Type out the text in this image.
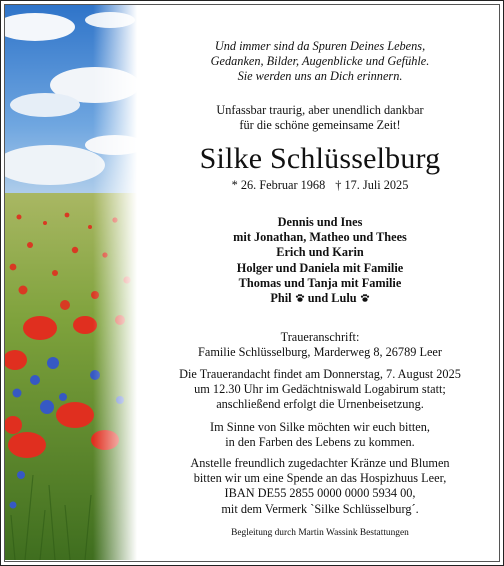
Und immer sind da Spuren Deines Lebens,
Gedanken, Bilder, Augenblicke und Gefühle.
Sie werden uns an Dich erinnern.
Unfassbar traurig, aber unendlich dankbar
für die schöne gemeinsame Zeit!
Silke Schlüsselburg
* 26. Februar 1968 † 17. Juli 2025
Dennis und Ines
mit Jonathan, Matheo und Thees
Erich und Karin
Holger und Daniela mit Familie
Thomas und Tanja mit Familie
Phil und Lulu
Traueranschrift:
Familie Schlüsselburg, Marderweg 8, 26789 Leer
Die Trauerandacht findet am Donnerstag, 7. August 2025
um 12.30 Uhr im Gedächtniswald Logabirum statt;
anschließend erfolgt die Urnenbeisetzung.
Im Sinne von Silke möchten wir euch bitten,
in den Farben des Lebens zu kommen.
Anstelle freundlich zugedachter Kränze und Blumen
bitten wir um eine Spende an das Hospizhuus Leer,
IBAN DE55 2855 0000 0000 5934 00,
mit dem Vermerk `Silke Schlüsselburg´.
Begleitung durch Martin Wassink Bestattungen
